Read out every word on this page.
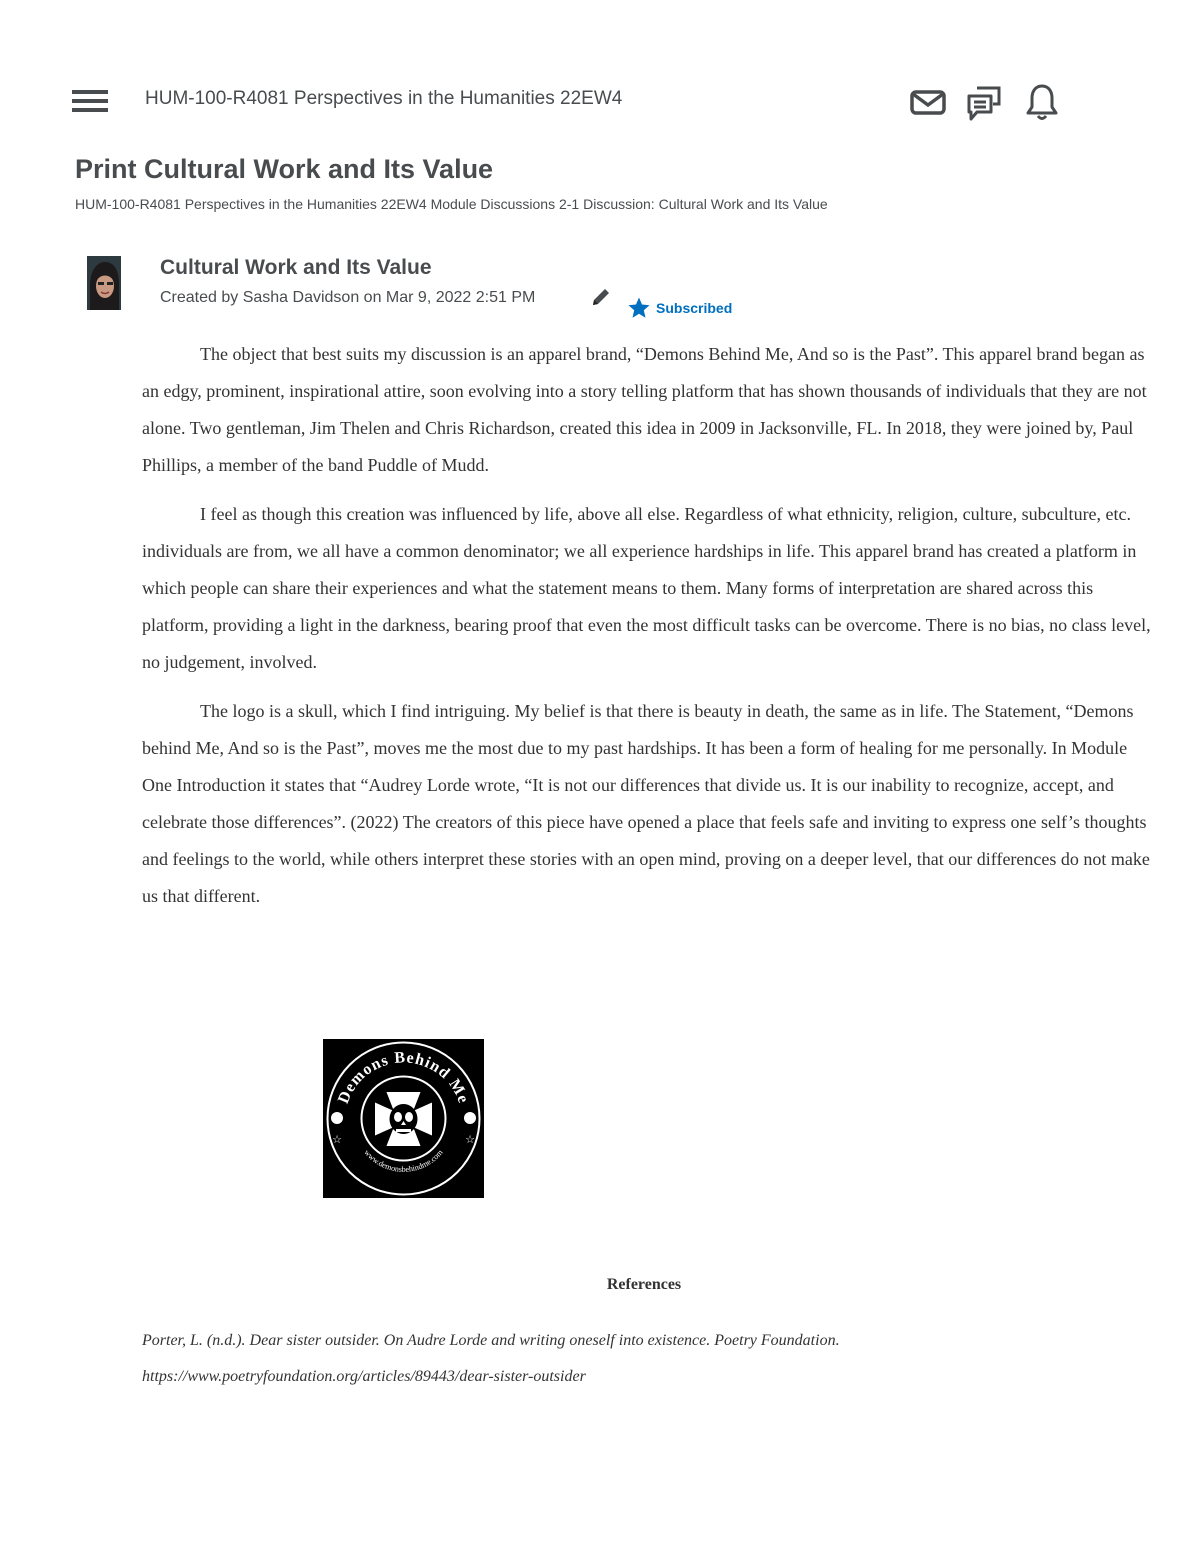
HUM-100-R4081 Perspectives in the Humanities 22EW4
Print Cultural Work and Its Value
HUM-100-R4081 Perspectives in the Humanities 22EW4 Module Discussions 2-1 Discussion: Cultural Work and Its Value
Cultural Work and Its Value
Created by Sasha Davidson on Mar 9, 2022 2:51 PM
Subscribed

The object that best suits my discussion is an apparel brand, “Demons Behind Me, And so is the Past”. This apparel brand began as an edgy, prominent, inspirational attire, soon evolving into a story telling platform that has shown thousands of individuals that they are not alone. Two gentleman, Jim Thelen and Chris Richardson, created this idea in 2009 in Jacksonville, FL. In 2018, they were joined by, Paul Phillips, a member of the band Puddle of Mudd.

I feel as though this creation was influenced by life, above all else. Regardless of what ethnicity, religion, culture, subculture, etc. individuals are from, we all have a common denominator; we all experience hardships in life. This apparel brand has created a platform in which people can share their experiences and what the statement means to them. Many forms of interpretation are shared across this platform, providing a light in the darkness, bearing proof that even the most difficult tasks can be overcome. There is no bias, no class level, no judgement, involved.

The logo is a skull, which I find intriguing. My belief is that there is beauty in death, the same as in life. The Statement, “Demons behind Me, And so is the Past”, moves me the most due to my past hardships. It has been a form of healing for me personally. In Module One Introduction it states that “Audrey Lorde wrote, “It is not our differences that divide us. It is our inability to recognize, accept, and celebrate those differences”. (2022) The creators of this piece have opened a place that feels safe and inviting to express one self’s thoughts and feelings to the world, while others interpret these stories with an open mind, proving on a deeper level, that our differences do not make us that different.

Demons Behind Me
www.demonsbehindme.com
☆	☆
References
Porter, L. (n.d.). Dear sister outsider. On Audre Lorde and writing oneself into existence. Poetry Foundation. https://www.poetryfoundation.org/articles/89443/dear-sister-outsider
